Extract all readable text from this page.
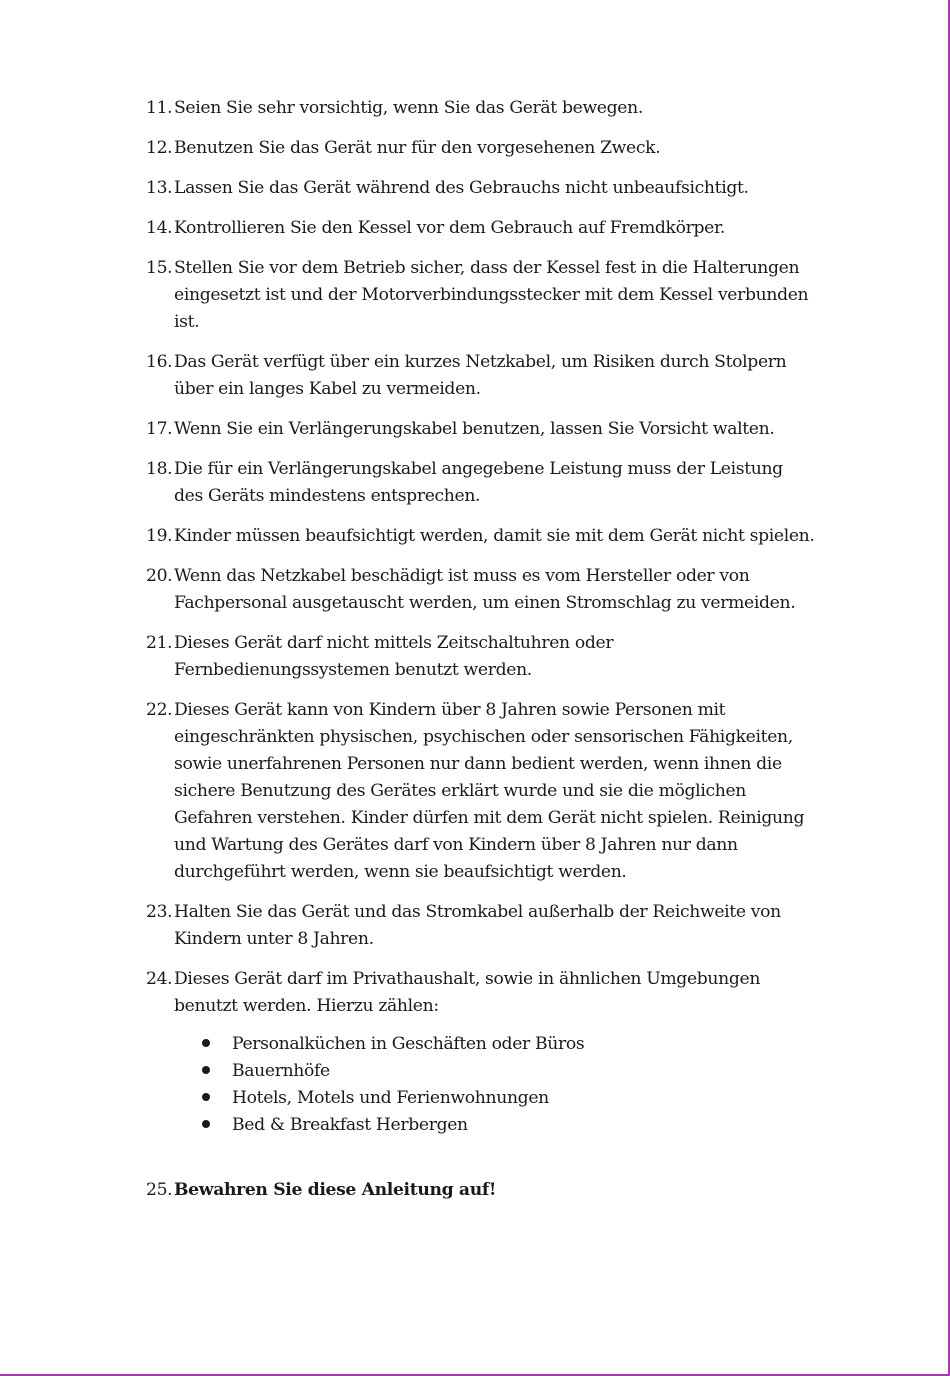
11. Seien Sie sehr vorsichtig, wenn Sie das Gerät bewegen.
12. Benutzen Sie das Gerät nur für den vorgesehenen Zweck.
13. Lassen Sie das Gerät während des Gebrauchs nicht unbeaufsichtigt.
14. Kontrollieren Sie den Kessel vor dem Gebrauch auf Fremdkörper.
15. Stellen Sie vor dem Betrieb sicher, dass der Kessel fest in die Halterungen eingesetzt ist und der Motorverbindungsstecker mit dem Kessel verbunden ist.
16. Das Gerät verfügt über ein kurzes Netzkabel, um Risiken durch Stolpern über ein langes Kabel zu vermeiden.
17. Wenn Sie ein Verlängerungskabel benutzen, lassen Sie Vorsicht walten.
18. Die für ein Verlängerungskabel angegebene Leistung muss der Leistung des Geräts mindestens entsprechen.
19. Kinder müssen beaufsichtigt werden, damit sie mit dem Gerät nicht spielen.
20. Wenn das Netzkabel beschädigt ist muss es vom Hersteller oder von Fachpersonal ausgetauscht werden, um einen Stromschlag zu vermeiden.
21. Dieses Gerät darf nicht mittels Zeitschaltuhren oder Fernbedienungssystemen benutzt werden.
22. Dieses Gerät kann von Kindern über 8 Jahren sowie Personen mit eingeschränkten physischen, psychischen oder sensorischen Fähigkeiten, sowie unerfahrenen Personen nur dann bedient werden, wenn ihnen die sichere Benutzung des Gerätes erklärt wurde und sie die möglichen Gefahren verstehen. Kinder dürfen mit dem Gerät nicht spielen. Reinigung und Wartung des Gerätes darf von Kindern über 8 Jahren nur dann durchgeführt werden, wenn sie beaufsichtigt werden.
23. Halten Sie das Gerät und das Stromkabel außerhalb der Reichweite von Kindern unter 8 Jahren.
24. Dieses Gerät darf im Privathaushalt, sowie in ähnlichen Umgebungen benutzt werden. Hierzu zählen:
Personalküchen in Geschäften oder Büros
Bauernhöfe
Hotels, Motels und Ferienwohnungen
Bed & Breakfast Herbergen
25. Bewahren Sie diese Anleitung auf!
